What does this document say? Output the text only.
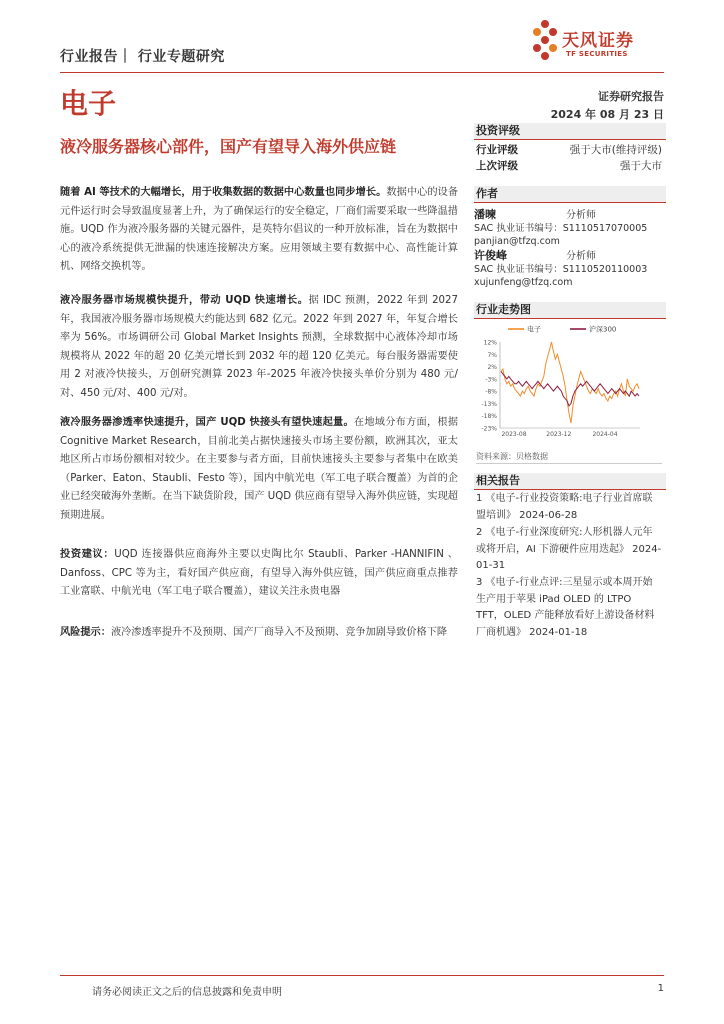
行业报告｜ 行业专题研究
电子	证券研究报告
2024 年 08 月 23 日
液冷服务器核心部件，国产有望导入海外供应链
天风证券
TF SECURITIES
随着 AI 等技术的大幅增长，用于收集数据的数据中心数量也同步增长。数据中心的设备元件运行时会导致温度显著上升，为了确保运行的安全稳定，厂商们需要采取一些降温措施。UQD 作为液冷服务器的关键元器件，是英特尔倡议的一种开放标准，旨在为数据中心的液冷系统提供无泄漏的快速连接解决方案。应用领域主要有数据中心、高性能计算机、网络交换机等。
液冷服务器市场规模快提升，带动 UQD 快速增长。据 IDC 预测，2022 年到 2027 年，我国液冷服务器市场规模大约能达到 682 亿元。2022 年到 2027 年，年复合增长率为 56%。市场调研公司 Global Market Insights 预测，全球数据中心液体冷却市场规模将从 2022 年的超 20 亿美元增长到 2032 年的超 120 亿美元。每台服务器需要使用 2 对液冷快接头，万创研究测算 2023 年-2025 年液冷快接头单价分别为 480 元/对、450 元/对、400 元/对。
液冷服务器渗透率快速提升，国产 UQD 快接头有望快速起量。在地域分布方面，根据 Cognitive Market Research，目前北美占据快速接头市场主要份额，欧洲其次，亚太地区所占市场份额相对较少。在主要参与者方面，目前快速接头主要参与者集中在欧美（Parker、Eaton、Staubli、Festo 等），国内中航光电（军工电子联合覆盖）为首的企业已经突破海外垄断。在当下缺货阶段，国产 UQD 供应商有望导入海外供应链，实现超预期进展。
投资建议：UQD 连接器供应商海外主要以史陶比尔 Staubli、Parker -HANNIFIN 、Danfoss、CPC 等为主，看好国产供应商，有望导入海外供应链，国产供应商重点推荐工业富联、中航光电（军工电子联合覆盖），建议关注永贵电器
风险提示：液冷渗透率提升不及预期、国产厂商导入不及预期、竞争加剧导致价格下降
投资评级
行业评级	强于大市(维持评级)
上次评级	强于大市
作者
潘暕	分析师
SAC 执业证书编号：S1110517070005
panjian@tfzq.com
许俊峰	分析师
SAC 执业证书编号：S1110520110003
xujunfeng@tfzq.com
行业走势图
12%
7%
2%
-3%
-8%
-13%
-18%
-23%
2023-08	2023-12	2024-04
电子	沪深300
资料来源：贝格数据
相关报告
1 《电子-行业投资策略:电子行业首席联盟培训》 2024-06-28
2 《电子-行业深度研究:人形机器人元年或将开启，AI 下游硬件应用迭起》 2024-01-31
3 《电子-行业点评:三星显示或本周开始生产用于苹果 iPad OLED 的 LTPO TFT，OLED 产能释放看好上游设备材料厂商机遇》 2024-01-18
请务必阅读正文之后的信息披露和免责申明	1
